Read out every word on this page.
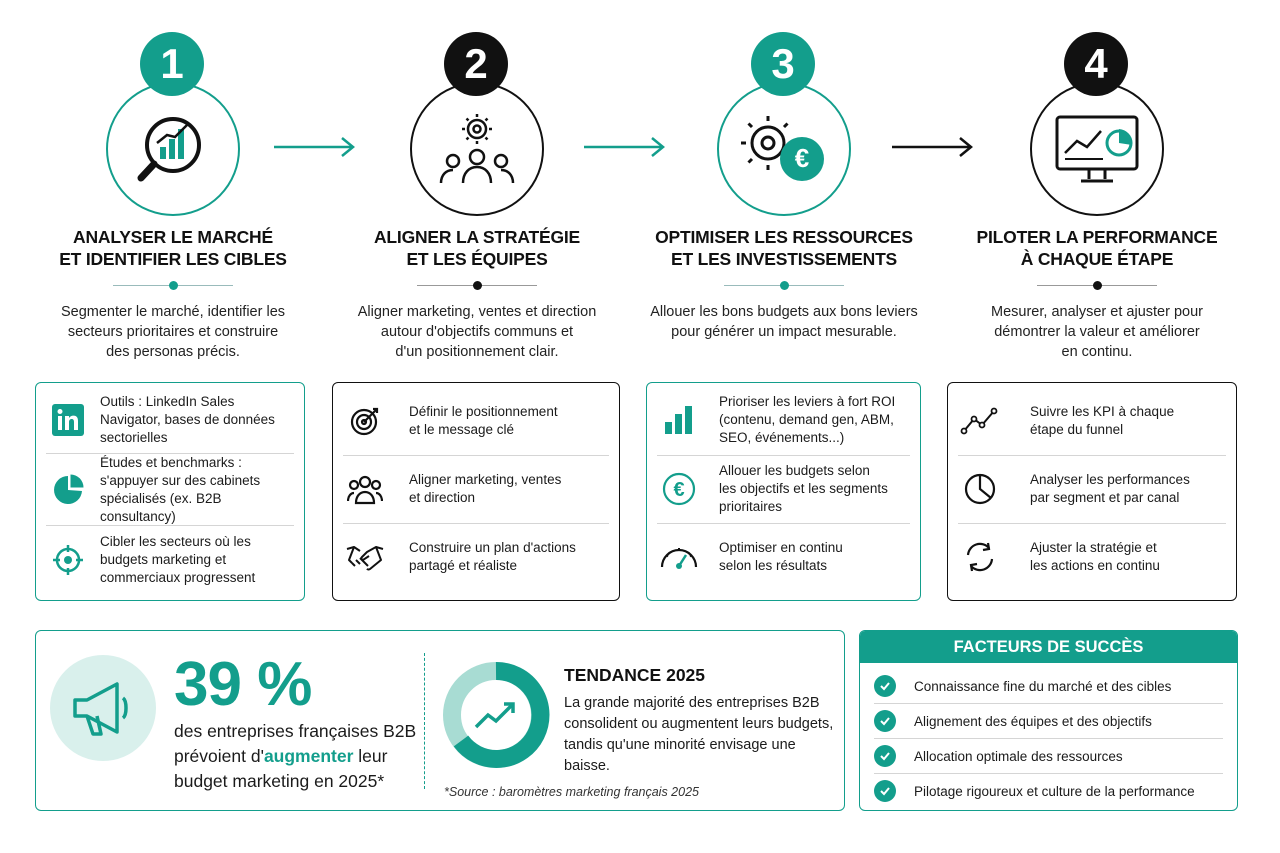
1
ANALYSER LE MARCHÉ
ET IDENTIFIER LES CIBLES
Segmenter le marché, identifier les
secteurs prioritaires et construire
des personas précis.
2
ALIGNER LA STRATÉGIE
ET LES ÉQUIPES
Aligner marketing, ventes et direction
autour d'objectifs communs et
d'un positionnement clair.
3
€
OPTIMISER LES RESSOURCES
ET LES INVESTISSEMENTS
Allouer les bons budgets aux bons leviers
pour générer un impact mesurable.
4
PILOTER LA PERFORMANCE
À CHAQUE ÉTAPE
Mesurer, analyser et ajuster pour
démontrer la valeur et améliorer
en continu.
Outils : LinkedIn Sales
Navigator, bases de données
sectorielles
Études et benchmarks :
s'appuyer sur des cabinets
spécialisés (ex. B2B consultancy)
Cibler les secteurs où les
budgets marketing et
commerciaux progressent
Définir le positionnement
et le message clé
Aligner marketing, ventes
et direction
Construire un plan d'actions
partagé et réaliste
Prioriser les leviers à fort ROI
(contenu, demand gen, ABM,
SEO, événements...)
€
Allouer les budgets selon
les objectifs et les segments
prioritaires
Optimiser en continu
selon les résultats
Suivre les KPI à chaque
étape du funnel
Analyser les performances
par segment et par canal
Ajuster la stratégie et
les actions en continu
39 %
des entreprises françaises B2B prévoient d'augmenter leur budget marketing en 2025*
TENDANCE 2025
La grande majorité des entreprises B2B
consolident ou augmentent leurs budgets,
tandis qu'une minorité envisage une baisse.
*Source : baromètres marketing français 2025
FACTEURS DE SUCCÈS
Connaissance fine du marché et des cibles
Alignement des équipes et des objectifs
Allocation optimale des ressources
Pilotage rigoureux et culture de la performance
